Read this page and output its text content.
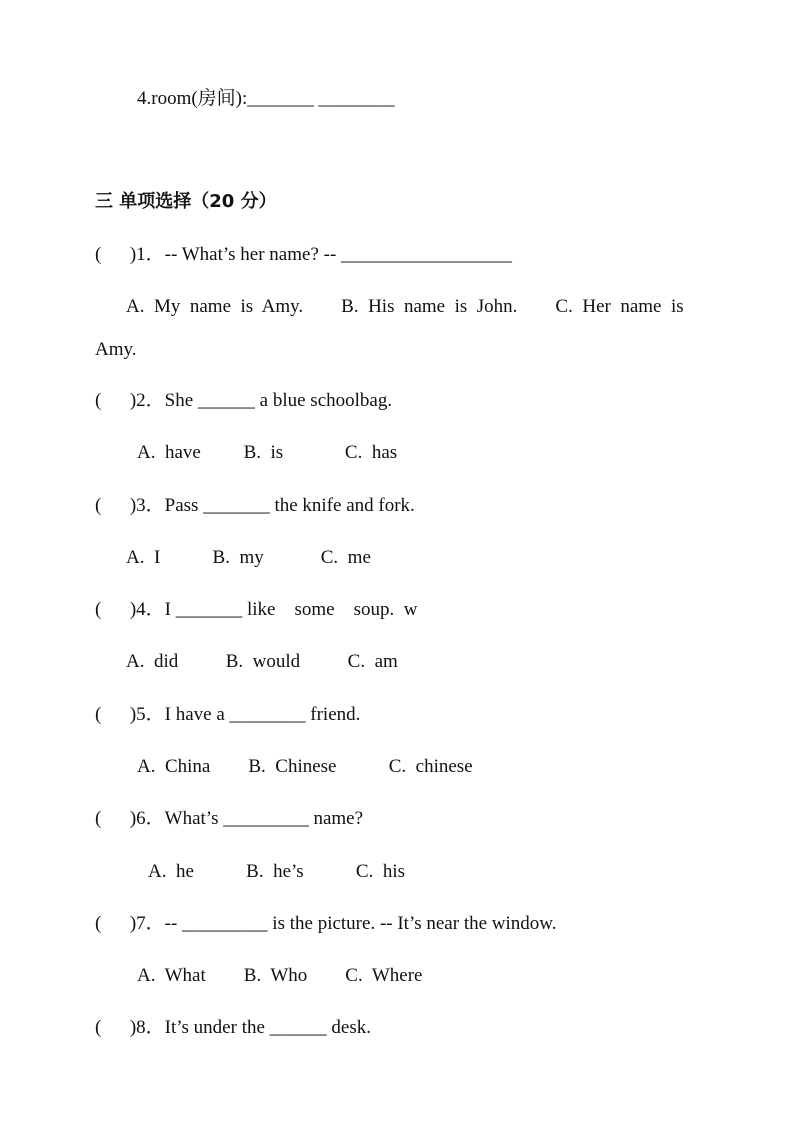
4.room(房间):_______ ________
三 单项选择（20 分）
(      )1．-- What’s her name? -- __________________
A.  My  name  is  Amy.        B.  His  name  is  John.        C.  Her  name  is
Amy.
(      )2．She ______ a blue schoolbag.
A.  have         B.  is             C.  has
(      )3．Pass _______ the knife and fork.
A.  I           B.  my            C.  me
(      )4．I _______ like    some    soup.  w
A.  did          B.  would          C.  am
(      )5．I have a ________ friend.
A.  China        B.  Chinese           C.  chinese
(      )6．What’s _________ name?
A.  he           B.  he’s           C.  his
(      )7．-- _________ is the picture. -- It’s near the window.
A.  What        B.  Who        C.  Where
(      )8．It’s under the ______ desk.
